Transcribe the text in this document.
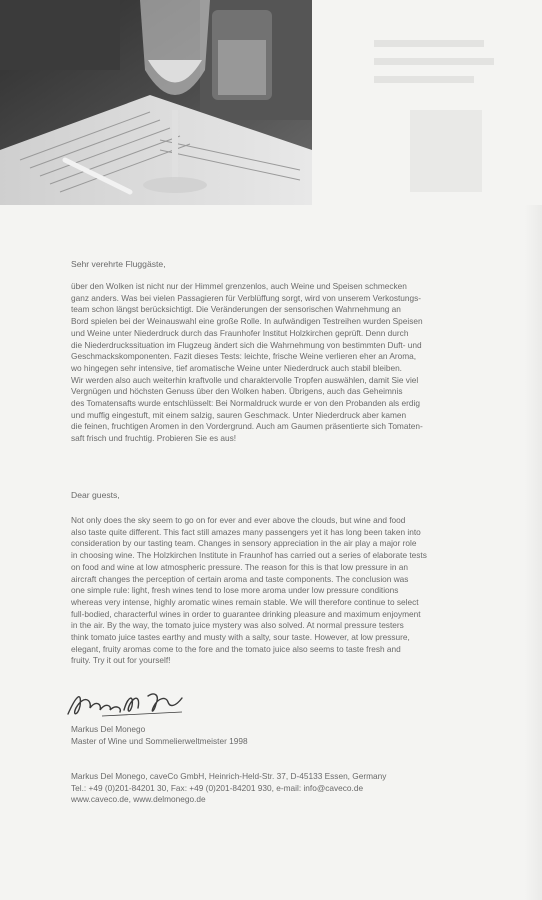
Sehr verehrte Fluggäste,
über den Wolken ist nicht nur der Himmel grenzenlos, auch Weine und Speisen schmecken
ganz anders. Was bei vielen Passagieren für Verblüffung sorgt, wird von unserem Verkostungs-
team schon längst berücksichtigt. Die Veränderungen der sensorischen Wahrnehmung an
Bord spielen bei der Weinauswahl eine große Rolle. In aufwändigen Testreihen wurden Speisen
und Weine unter Niederdruck durch das Fraunhofer Institut Holzkirchen geprüft. Denn durch
die Niederdruckssituation im Flugzeug ändert sich die Wahrnehmung von bestimmten Duft- und
Geschmackskomponenten. Fazit dieses Tests: leichte, frische Weine verlieren eher an Aroma,
wo hingegen sehr intensive, tief aromatische Weine unter Niederdruck auch stabil bleiben.
Wir werden also auch weiterhin kraftvolle und charaktervolle Tropfen auswählen, damit Sie viel
Vergnügen und höchsten Genuss über den Wolken haben. Übrigens, auch das Geheimnis
des Tomatensafts wurde entschlüsselt: Bei Normaldruck wurde er von den Probanden als erdig
und muffig eingestuft, mit einem salzig, sauren Geschmack. Unter Niederdruck aber kamen
die feinen, fruchtigen Aromen in den Vordergrund. Auch am Gaumen präsentierte sich Tomaten-
saft frisch und fruchtig. Probieren Sie es aus!
Dear guests,
Not only does the sky seem to go on for ever and ever above the clouds, but wine and food
also taste quite different. This fact still amazes many passengers yet it has long been taken into
consideration by our tasting team. Changes in sensory appreciation in the air play a major role
in choosing wine. The Holzkirchen Institute in Fraunhof has carried out a series of elaborate tests
on food and wine at low atmospheric pressure. The reason for this is that low pressure in an
aircraft changes the perception of certain aroma and taste components. The conclusion was
one simple rule: light, fresh wines tend to lose more aroma under low pressure conditions
whereas very intense, highly aromatic wines remain stable. We will therefore continue to select
full-bodied, characterful wines in order to guarantee drinking pleasure and maximum enjoyment
in the air. By the way, the tomato juice mystery was also solved. At normal pressure testers
think tomato juice tastes earthy and musty with a salty, sour taste. However, at low pressure,
elegant, fruity aromas come to the fore and the tomato juice also seems to taste fresh and
fruity. Try it out for yourself!
Markus Del Monego
Master of Wine und Sommelierweltmeister 1998
Markus Del Monego, caveCo GmbH, Heinrich-Held-Str. 37, D-45133 Essen, Germany
Tel.: +49 (0)201-84201 30, Fax: +49 (0)201-84201 930, e-mail: info@caveco.de
www.caveco.de, www.delmonego.de
